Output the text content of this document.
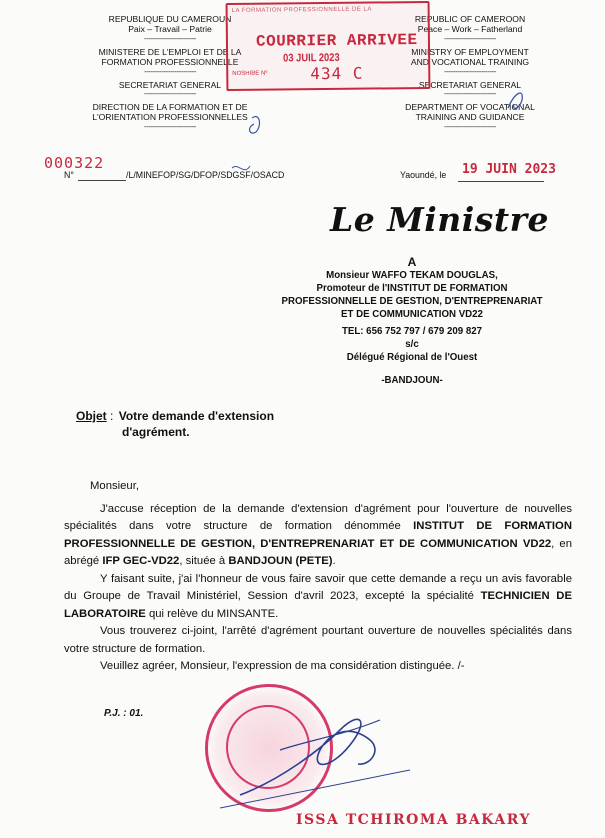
REPUBLIQUE DU CAMEROUN
Paix – Travail – Patrie
------------------------
MINISTERE DE L'EMPLOI ET DE LA
FORMATION PROFESSIONNELLE
------------------------
SECRETARIAT GENERAL
------------------------
DIRECTION DE LA FORMATION ET DE
L'ORIENTATION PROFESSIONNELLES
------------------------
REPUBLIC OF CAMEROON
Peace – Work – Fatherland
------------------------
MINISTRY OF EMPLOYMENT
AND VOCATIONAL TRAINING
------------------------
SECRETARIAT GENERAL
------------------------
DEPARTMENT OF VOCATIONAL
TRAINING AND GUIDANCE
------------------------
LA FORMATION PROFESSIONNELLE DE LA
COURRIER ARRIVEE
03 JUIL 2023
NOSHIBE Nº	434 C
000322
N°	/L/MINEFOP/SG/DFOP/SDGSF/OSACD	Yaoundé, le 19 JUIN 2023
Le Ministre
A
Monsieur WAFFO TEKAM DOUGLAS,
Promoteur de l'INSTITUT DE FORMATION
PROFESSIONNELLE DE GESTION, D'ENTREPRENARIAT
ET DE COMMUNICATION VD22
TEL: 656 752 797 / 679 209 827
s/c
Délégué Régional de l'Ouest
-BANDJOUN-
Objet : Votre demande d'extension
d'agrément.
Monsieur,
J'accuse réception de la demande d'extension d'agrément pour l'ouverture de nouvelles spécialités dans votre structure de formation dénommée INSTITUT DE FORMATION PROFESSIONNELLE DE GESTION, D'ENTREPRENARIAT ET DE COMMUNICATION VD22, en abrégé IFP GEC-VD22, située à BANDJOUN (PETE).
Y faisant suite, j'ai l'honneur de vous faire savoir que cette demande a reçu un avis favorable du Groupe de Travail Ministériel, Session d'avril 2023, excepté la spécialité TECHNICIEN DE LABORATOIRE qui relève du MINSANTE.
Vous trouverez ci-joint, l'arrêté d'agrément pourtant ouverture de nouvelles spécialités dans votre structure de formation.
Veuillez agréer, Monsieur, l'expression de ma considération distinguée. /-
P.J. : 01.
ISSA TCHIROMA BAKARY
